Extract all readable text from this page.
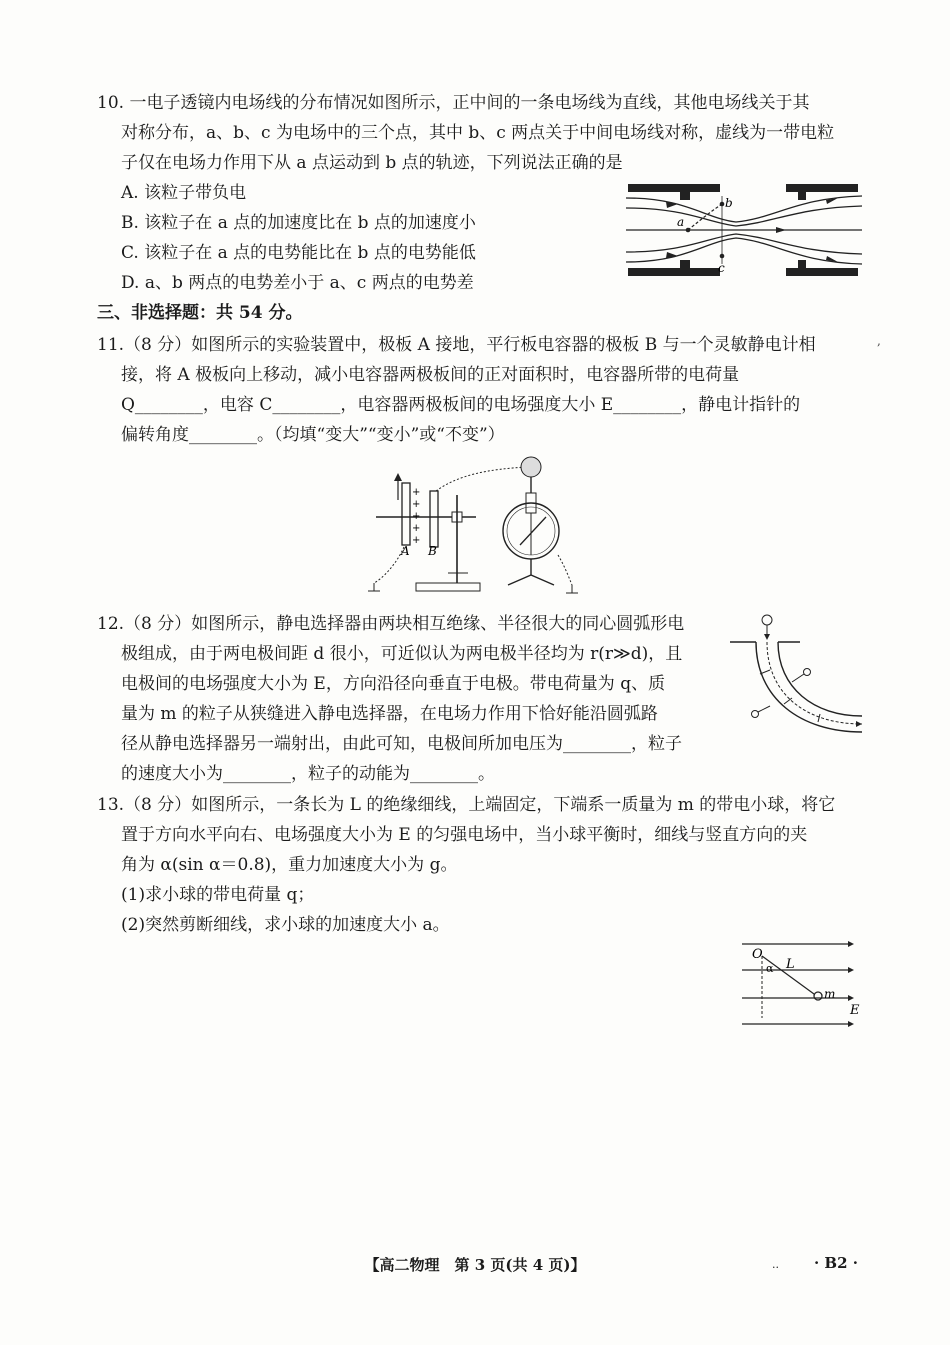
10. 一电子透镜内电场线的分布情况如图所示，正中间的一条电场线为直线，其他电场线关于其
对称分布，a、b、c 为电场中的三个点，其中 b、c 两点关于中间电场线对称，虚线为一带电粒
子仅在电场力作用下从 a 点运动到 b 点的轨迹，下列说法正确的是
A. 该粒子带负电
B. 该粒子在 a 点的加速度比在 b 点的加速度小
C. 该粒子在 a 点的电势能比在 b 点的电势能低
D. a、b 两点的电势差小于 a、c 两点的电势差
a
b
c
三、非选择题：共 54 分。
11.（8 分）如图所示的实验装置中，极板 A 接地，平行板电容器的极板 B 与一个灵敏静电计相
接，将 A 极板向上移动，减小电容器两极板间的正对面积时，电容器所带的电荷量
Q________，电容 C________，电容器两极板间的电场强度大小 E________，静电计指针的
偏转角度________。（均填“变大”“变小”或“不变”）
,
+
+
+
+
+
A B
12.（8 分）如图所示，静电选择器由两块相互绝缘、半径很大的同心圆弧形电
极组成，由于两电极间距 d 很小，可近似认为两电极半径均为 r(r≫d)，且
电极间的电场强度大小为 E，方向沿径向垂直于电极。带电荷量为 q、质
量为 m 的粒子从狭缝进入静电选择器，在电场力作用下恰好能沿圆弧路
径从静电选择器另一端射出，由此可知，电极间所加电压为________，粒子
的速度大小为________，粒子的动能为________。
13.（8 分）如图所示，一条长为 L 的绝缘细线，上端固定，下端系一质量为 m 的带电小球，将它
置于方向水平向右、电场强度大小为 E 的匀强电场中，当小球平衡时，细线与竖直方向的夹
角为 α(sin α＝0.8)，重力加速度大小为 g。
(1)求小球的带电荷量 q；
(2)突然剪断细线，求小球的加速度大小 a。
O
α L
m
E
【高二物理　第 3 页(共 4 页)】	.. · B2 ·
